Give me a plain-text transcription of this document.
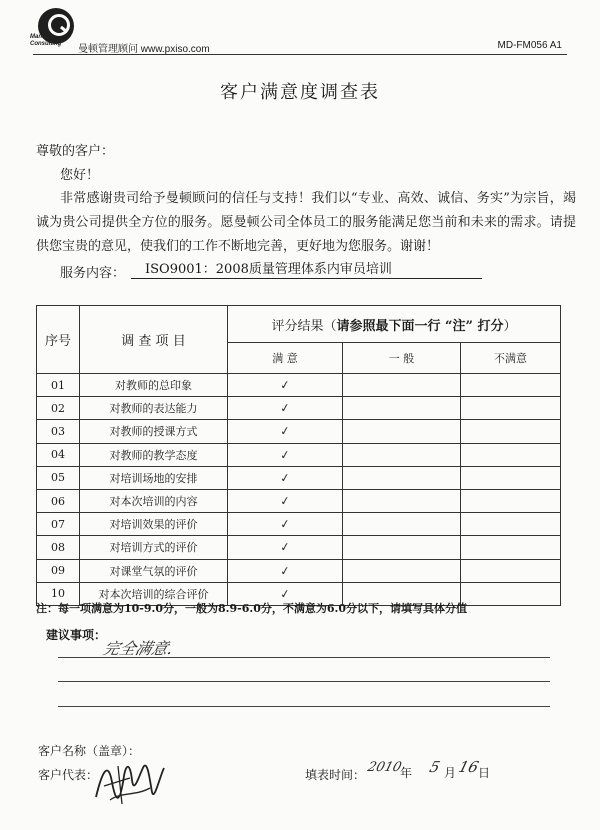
Mandoo Consulting	曼顿管理顾问 www.pxiso.com	MD-FM056 A1
客户满意度调查表
尊敬的客户：
您好！
非常感谢贵司给予曼顿顾问的信任与支持！我们以“专业、高效、诚信、务实”为宗旨，竭诚为贵公司提供全方位的服务。愿曼顿公司全体员工的服务能满足您当前和未来的需求。请提供您宝贵的意见，使我们的工作不断地完善，更好地为您服务。谢谢！
服务内容：	ISO9001：2008质量管理体系内审员培训
序号	调 查 项 目	评分结果（请参照最下面一行 “注” 打分）		
		满 意	一 般	不满意
01	对教师的总印象	✓		
02	对教师的表达能力	✓		
03	对教师的授课方式	✓		
04	对教师的教学态度	✓		
05	对培训场地的安排	✓		
06	对本次培训的内容	✓		
07	对培训效果的评价	✓		
08	对培训方式的评价	✓		
09	对课堂气氛的评价	✓		
10	对本次培训的综合评价	✓		
注：每一项满意为10-9.0分，一般为8.9-6.0分，不满意为6.0分以下，请填写具体分值
建议事项：
完全满意.
客户名称（盖章）：
客户代表：	填表时间： 2010
年 5 月 16
日
